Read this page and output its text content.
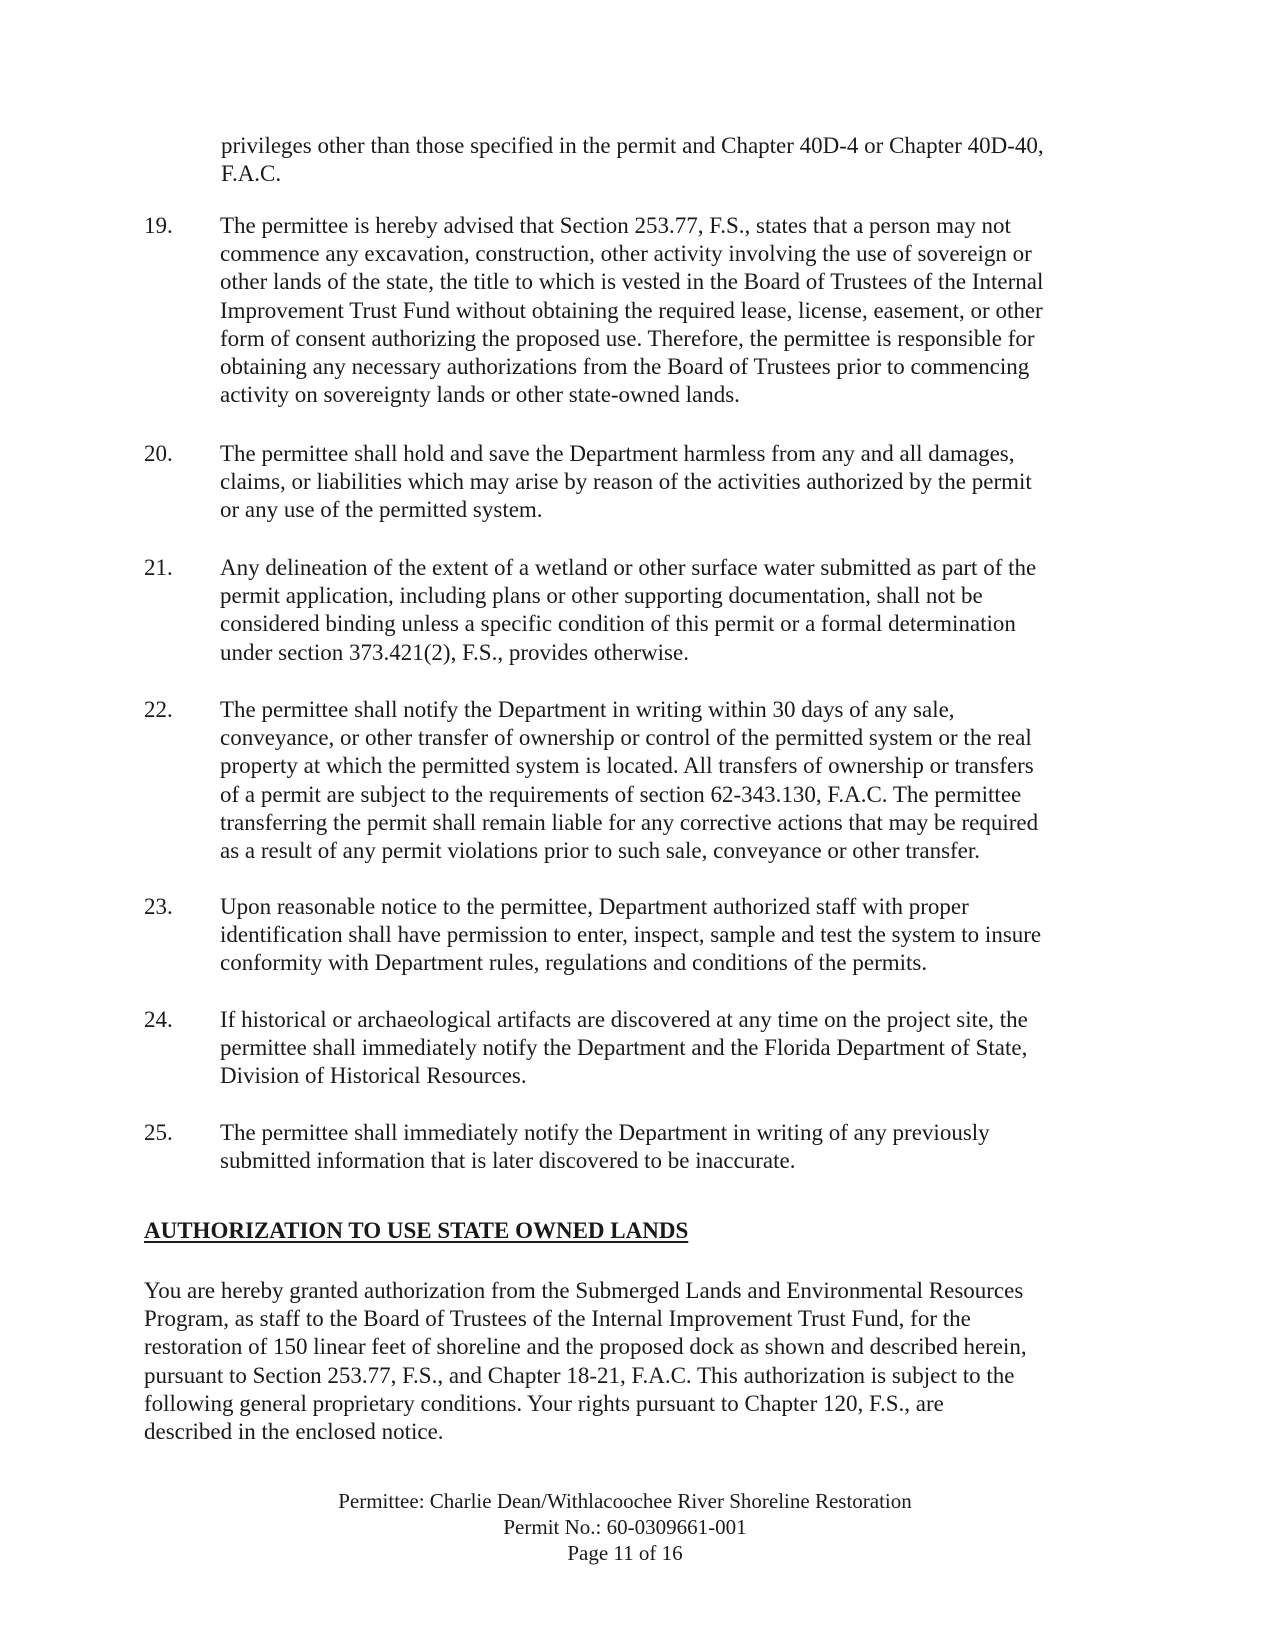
privileges other than those specified in the permit and Chapter 40D-4 or Chapter 40D-40,
F.A.C.
19.	The permittee is hereby advised that Section 253.77, F.S., states that a person may not
commence any excavation, construction, other activity involving the use of sovereign or
other lands of the state, the title to which is vested in the Board of Trustees of the Internal
Improvement Trust Fund without obtaining the required lease, license, easement, or other
form of consent authorizing the proposed use. Therefore, the permittee is responsible for
obtaining any necessary authorizations from the Board of Trustees prior to commencing
activity on sovereignty lands or other state-owned lands.
20.	The permittee shall hold and save the Department harmless from any and all damages,
claims, or liabilities which may arise by reason of the activities authorized by the permit
or any use of the permitted system.
21.	Any delineation of the extent of a wetland or other surface water submitted as part of the
permit application, including plans or other supporting documentation, shall not be
considered binding unless a specific condition of this permit or a formal determination
under section 373.421(2), F.S., provides otherwise.
22.	The permittee shall notify the Department in writing within 30 days of any sale,
conveyance, or other transfer of ownership or control of the permitted system or the real
property at which the permitted system is located. All transfers of ownership or transfers
of a permit are subject to the requirements of section 62-343.130, F.A.C. The permittee
transferring the permit shall remain liable for any corrective actions that may be required
as a result of any permit violations prior to such sale, conveyance or other transfer.
23.	Upon reasonable notice to the permittee, Department authorized staff with proper
identification shall have permission to enter, inspect, sample and test the system to insure
conformity with Department rules, regulations and conditions of the permits.
24.	If historical or archaeological artifacts are discovered at any time on the project site, the
permittee shall immediately notify the Department and the Florida Department of State,
Division of Historical Resources.
25.	The permittee shall immediately notify the Department in writing of any previously
submitted information that is later discovered to be inaccurate.
AUTHORIZATION TO USE STATE OWNED LANDS
You are hereby granted authorization from the Submerged Lands and Environmental Resources
Program, as staff to the Board of Trustees of the Internal Improvement Trust Fund, for the
restoration of 150 linear feet of shoreline and the proposed dock as shown and described herein,
pursuant to Section 253.77, F.S., and Chapter 18-21, F.A.C. This authorization is subject to the
following general proprietary conditions. Your rights pursuant to Chapter 120, F.S., are
described in the enclosed notice.
Permittee: Charlie Dean/Withlacoochee River Shoreline Restoration
Permit No.: 60-0309661-001
Page 11 of 16
